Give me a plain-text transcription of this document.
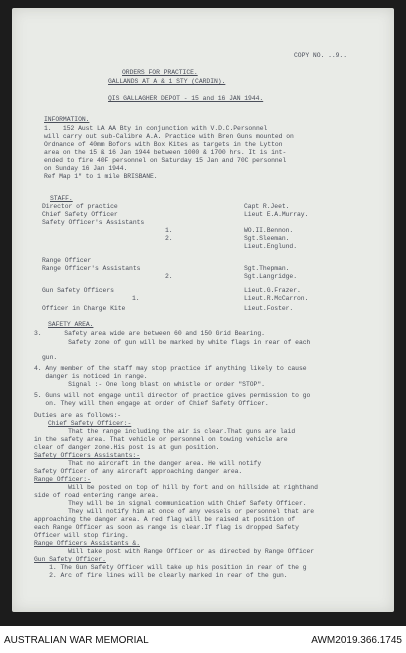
COPY NO. ..9..
ORDERS FOR PRACTICE.
GALLANDS AT A & 1 STY (CARDIN).
QIS GALLAGHER DEPOT - 15 and 16 JAN 1944.
INFORMATION.
1.   152 Aust LA AA Bty in conjunction with V.D.C.Personnel
will carry out sub-Calibre A.A. Practice with Bren Guns mounted on
Ordnance of 40mm Bofors with Box Kites as targets in the Lytton
area on the 15 & 16 Jan 1944 between 1000 & 1700 hrs. It is int-
ended to fire 40F personnel on Saturday 15 Jan and 70C personnel
on Sunday 16 Jan 1944.
Ref Map 1" to 1 mile BRISBANE.
STAFF.
Director of practice	Capt R.Jeet.
Chief Safety Officer	Lieut E.A.Murray.
Safety Officer's Assistants
1.	WO.II.Bennon.
2.	Sgt.Sleeman.
Lieut.Englund.
Range Officer
Range Officer's Assistants	Sgt.Thepman.
2.	Sgt.Langridge.
Gun Safety Officers	Lieut.G.Frazer.
1.	Lieut.R.McCarron.
Officer in Charge Kite	Lieut.Foster.
SAFETY AREA.
3.      Safety area wide are between 60 and 150 Grid Bearing.
Safety zone of gun will be marked by white flags in rear of each
gun.
4. Any member of the staff may stop practice if anything likely to cause
danger is noticed in range.
Signal :- One long blast on whistle or order "STOP".
5. Guns will not engage until director of practice gives permission to go
on. They will then engage at order of Chief Safety Officer.
Duties are as follows:-
Chief Safety Officer:-
That the range including the air is clear.That guns are laid
in the safety area. That vehicle or personnel on towing vehicle are
clear of danger zone.His post is at gun position.
Safety Officers Assistants:-
That no aircraft in the danger area. He will notify
Safety Officer of any aircraft approaching danger area.
Range Officer:-
Will be posted on top of hill by fort and on hillside at righthand
side of road entering range area.
They will be in signal communication with Chief Safety Officer.
They will notify him at once of any vessels or personnel that are
approaching the danger area. A red flag will be raised at position of
each Range Officer as soon as range is clear.If flag is dropped Safety
Officer will stop firing.
Range Officers Assistants &.
Will take post with Range Officer or as directed by Range Officer
Gun Safety Officer.
1. The Gun Safety Officer will take up his position in rear of the g
2. Arc of fire lines will be clearly marked in rear of the gun.
AUSTRALIAN WAR MEMORIAL	AWM2019.366.1745
